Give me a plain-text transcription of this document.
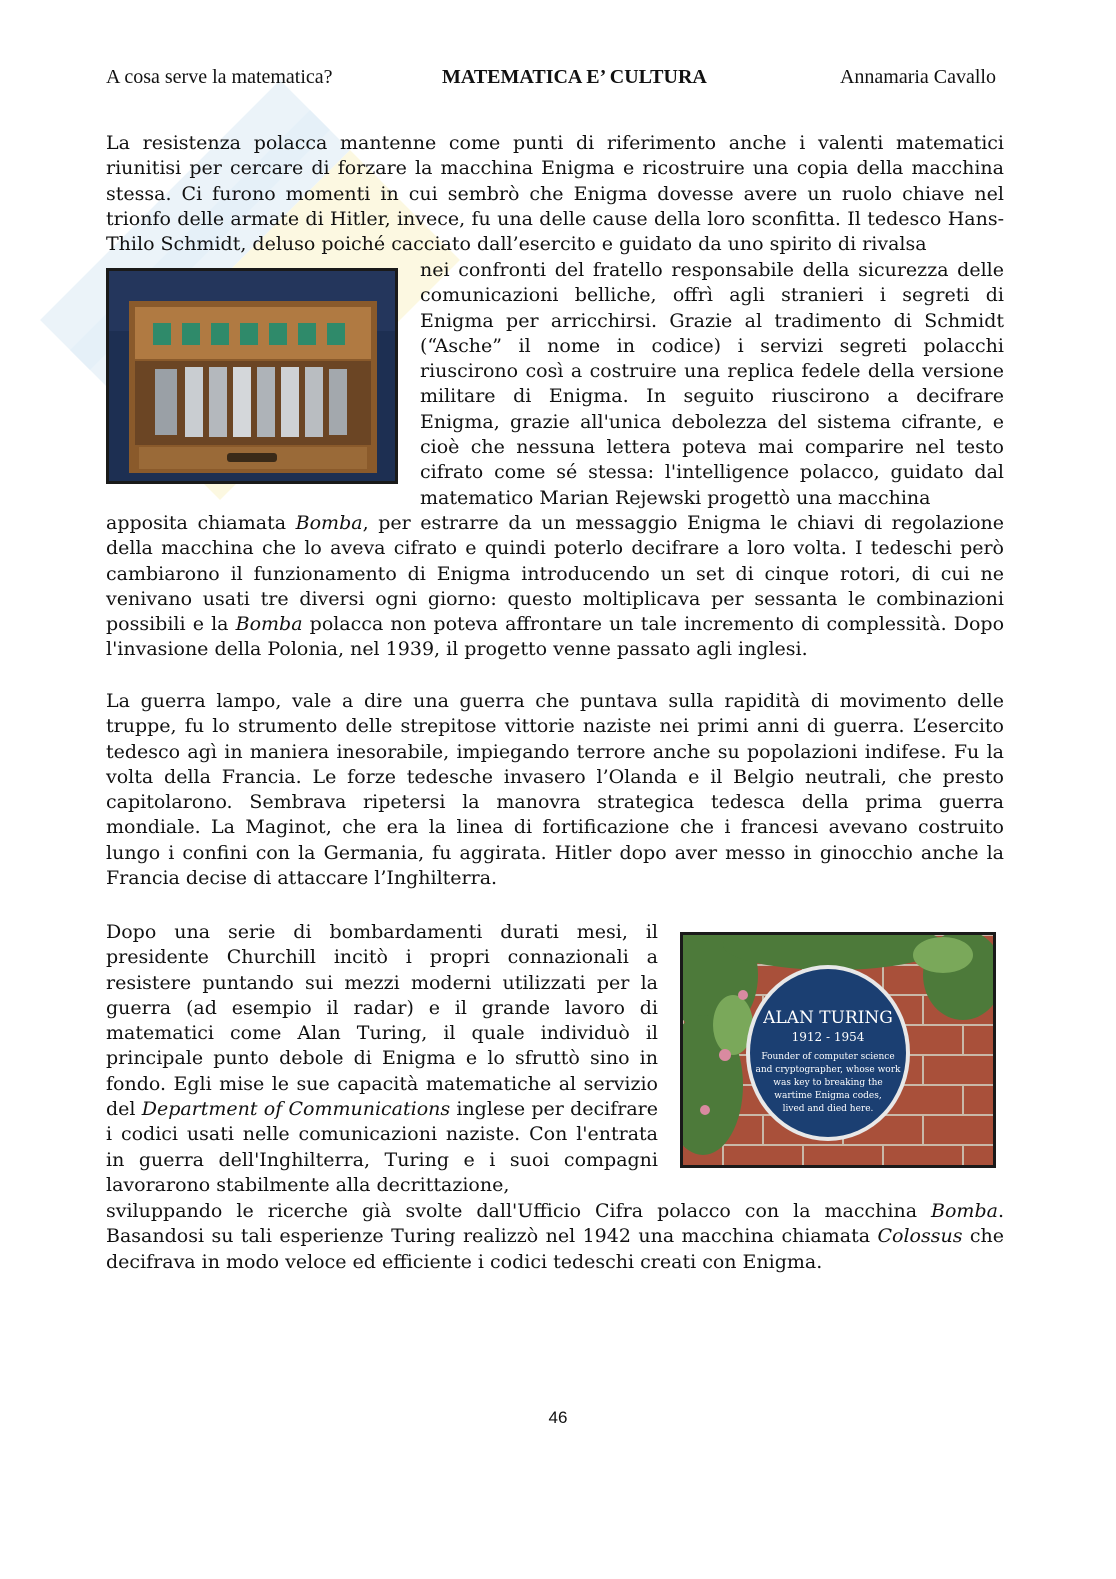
A cosa serve la matematica?	MATEMATICA E’ CULTURA	Annamaria Cavallo

La resistenza polacca mantenne come punti di riferimento anche i valenti matematici riunitisi per cercare di forzare la macchina Enigma e ricostruire una copia della macchina stessa. Ci furono momenti in cui sembrò che Enigma dovesse avere un ruolo chiave nel trionfo delle armate di Hitler, invece, fu una delle cause della loro sconfitta. Il tedesco Hans-Thilo Schmidt, deluso poiché cacciato dall’esercito e guidato da uno spirito di rivalsa

nei confronti del fratello responsabile della sicurezza delle comunicazioni belliche, offrì agli stranieri i segreti di Enigma per arricchirsi. Grazie al tradimento di Schmidt (“Asche” il nome in codice) i servizi segreti polacchi riuscirono così a costruire una replica fedele della versione militare di Enigma. In seguito riuscirono a decifrare Enigma, grazie all'unica debolezza del sistema cifrante, e cioè che nessuna lettera poteva mai comparire nel testo cifrato come sé stessa: l'intelligence polacco, guidato dal matematico Marian Rejewski progettò una macchina

apposita chiamata Bomba, per estrarre da un messaggio Enigma le chiavi di regolazione della macchina che lo aveva cifrato e quindi poterlo decifrare a loro volta. I tedeschi però cambiarono il funzionamento di Enigma introducendo un set di cinque rotori, di cui ne venivano usati tre diversi ogni giorno: questo moltiplicava per sessanta le combinazioni possibili e la Bomba polacca non poteva affrontare un tale incremento di complessità. Dopo l'invasione della Polonia, nel 1939, il progetto venne passato agli inglesi.

La guerra lampo, vale a dire una guerra che puntava sulla rapidità di movimento delle truppe, fu lo strumento delle strepitose vittorie naziste nei primi anni di guerra. L’esercito tedesco agì in maniera inesorabile, impiegando terrore anche su popolazioni indifese. Fu la volta della Francia. Le forze tedesche invasero l’Olanda e il Belgio neutrali, che presto capitolarono. Sembrava ripetersi la manovra strategica tedesca della prima guerra mondiale. La Maginot, che era la linea di fortificazione che i francesi avevano costruito lungo i confini con la Germania, fu aggirata. Hitler dopo aver messo in ginocchio anche la Francia decise di attaccare l’Inghilterra.

ALAN TURING
1912 - 1954
Founder of computer science
and cryptographer, whose work
was key to breaking the
wartime Enigma codes,
lived and died here.

Dopo una serie di bombardamenti durati mesi, il presidente Churchill incitò i propri connazionali a resistere puntando sui mezzi moderni utilizzati per la guerra (ad esempio il radar) e il grande lavoro di matematici come Alan Turing, il quale individuò il principale punto debole di Enigma e lo sfruttò sino in fondo. Egli mise le sue capacità matematiche al servizio del Department of Communications inglese per decifrare i codici usati nelle comunicazioni naziste. Con l'entrata in guerra dell'Inghilterra, Turing e i suoi compagni lavorarono stabilmente alla decrittazione,

sviluppando le ricerche già svolte dall'Ufficio Cifra polacco con la macchina Bomba. Basandosi su tali esperienze Turing realizzò nel 1942 una macchina chiamata Colossus che decifrava in modo veloce ed efficiente i codici tedeschi creati con Enigma.

46
